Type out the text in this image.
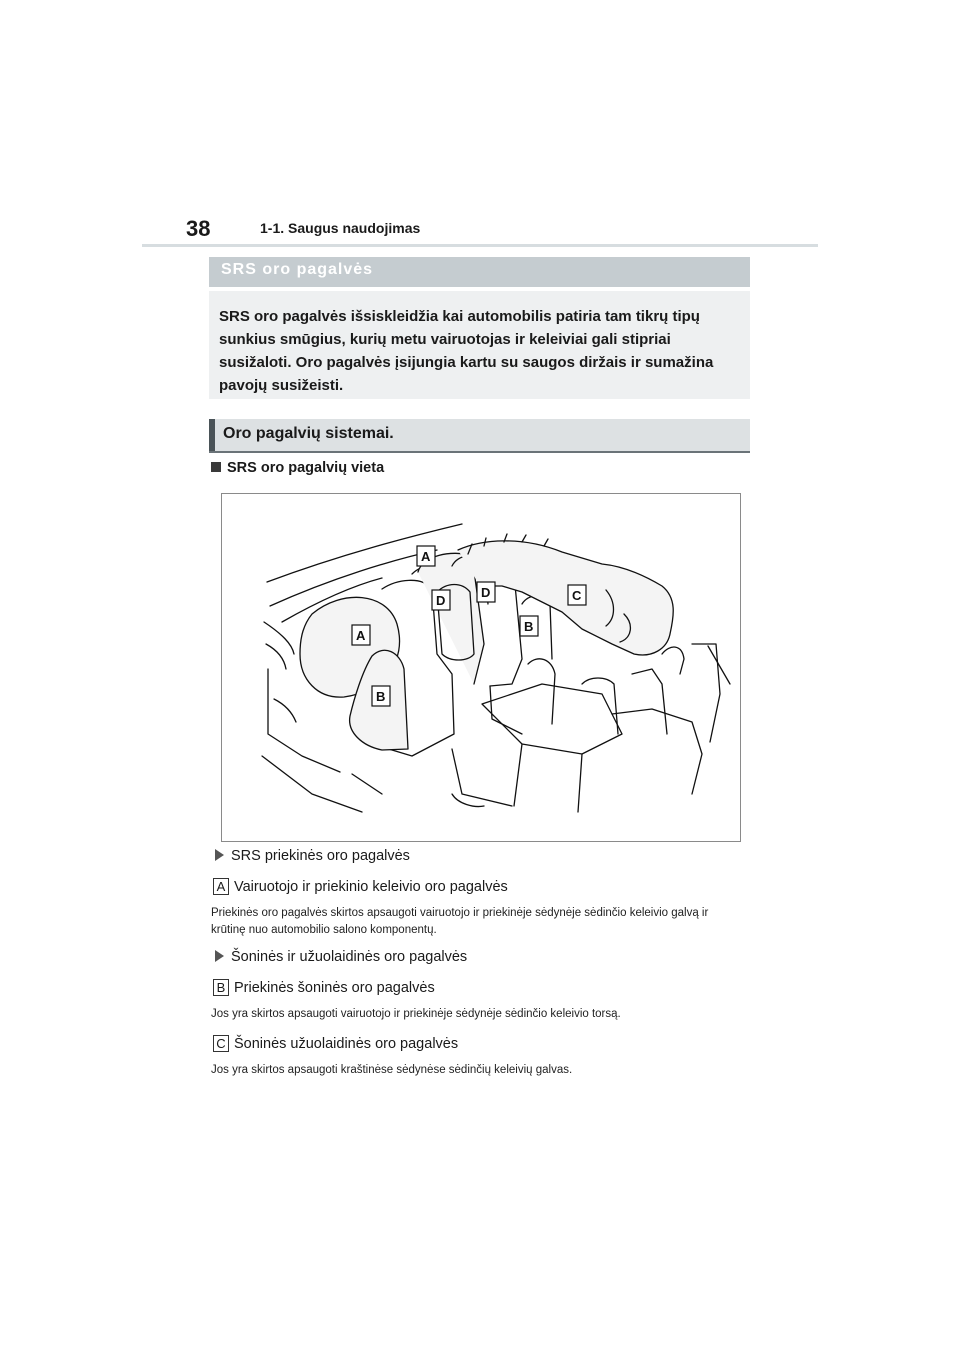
38	1-1. Saugus naudojimas
SRS oro pagalvės
SRS oro pagalvės išsiskleidžia kai automobilis patiria tam tikrų tipų sunkius smūgius, kurių metu vairuotojas ir keleiviai gali stipriai susižaloti. Oro pagalvės įsijungia kartu su saugos diržais ir sumažina pavojų susižeisti.
Oro pagalvių sistemai.
SRS oro pagalvių vieta
A
A
B
D
D
B
C
SRS priekinės oro pagalvės
A Vairuotojo ir priekinio keleivio oro pagalvės
Priekinės oro pagalvės skirtos apsaugoti vairuotojo ir priekinėje sėdynėje sėdinčio keleivio galvą ir krūtinę nuo automobilio salono komponentų.
Šoninės ir užuolaidinės oro pagalvės
B Priekinės šoninės oro pagalvės
Jos yra skirtos apsaugoti vairuotojo ir priekinėje sėdynėje sėdinčio keleivio torsą.
C Šoninės užuolaidinės oro pagalvės
Jos yra skirtos apsaugoti kraštinėse sėdynėse sėdinčių keleivių galvas.
